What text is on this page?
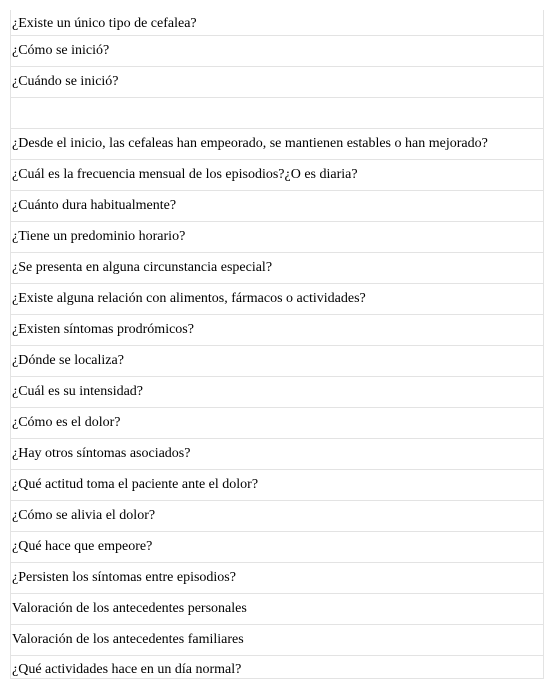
¿Existe un único tipo de cefalea?
¿Cómo se inició?
¿Cuándo se inició?

¿Desde el inicio, las cefaleas han empeorado, se mantienen estables o han mejorado?
¿Cuál es la frecuencia mensual de los episodios?¿O es diaria?
¿Cuánto dura habitualmente?
¿Tiene un predominio horario?
¿Se presenta en alguna circunstancia especial?
¿Existe alguna relación con alimentos, fármacos o actividades?
¿Existen síntomas prodrómicos?
¿Dónde se localiza?
¿Cuál es su intensidad?
¿Cómo es el dolor?
¿Hay otros síntomas asociados?
¿Qué actitud toma el paciente ante el dolor?
¿Cómo se alivia el dolor?
¿Qué hace que empeore?
¿Persisten los síntomas entre episodios?
Valoración de los antecedentes personales
Valoración de los antecedentes familiares
¿Qué actividades hace en un día normal?
